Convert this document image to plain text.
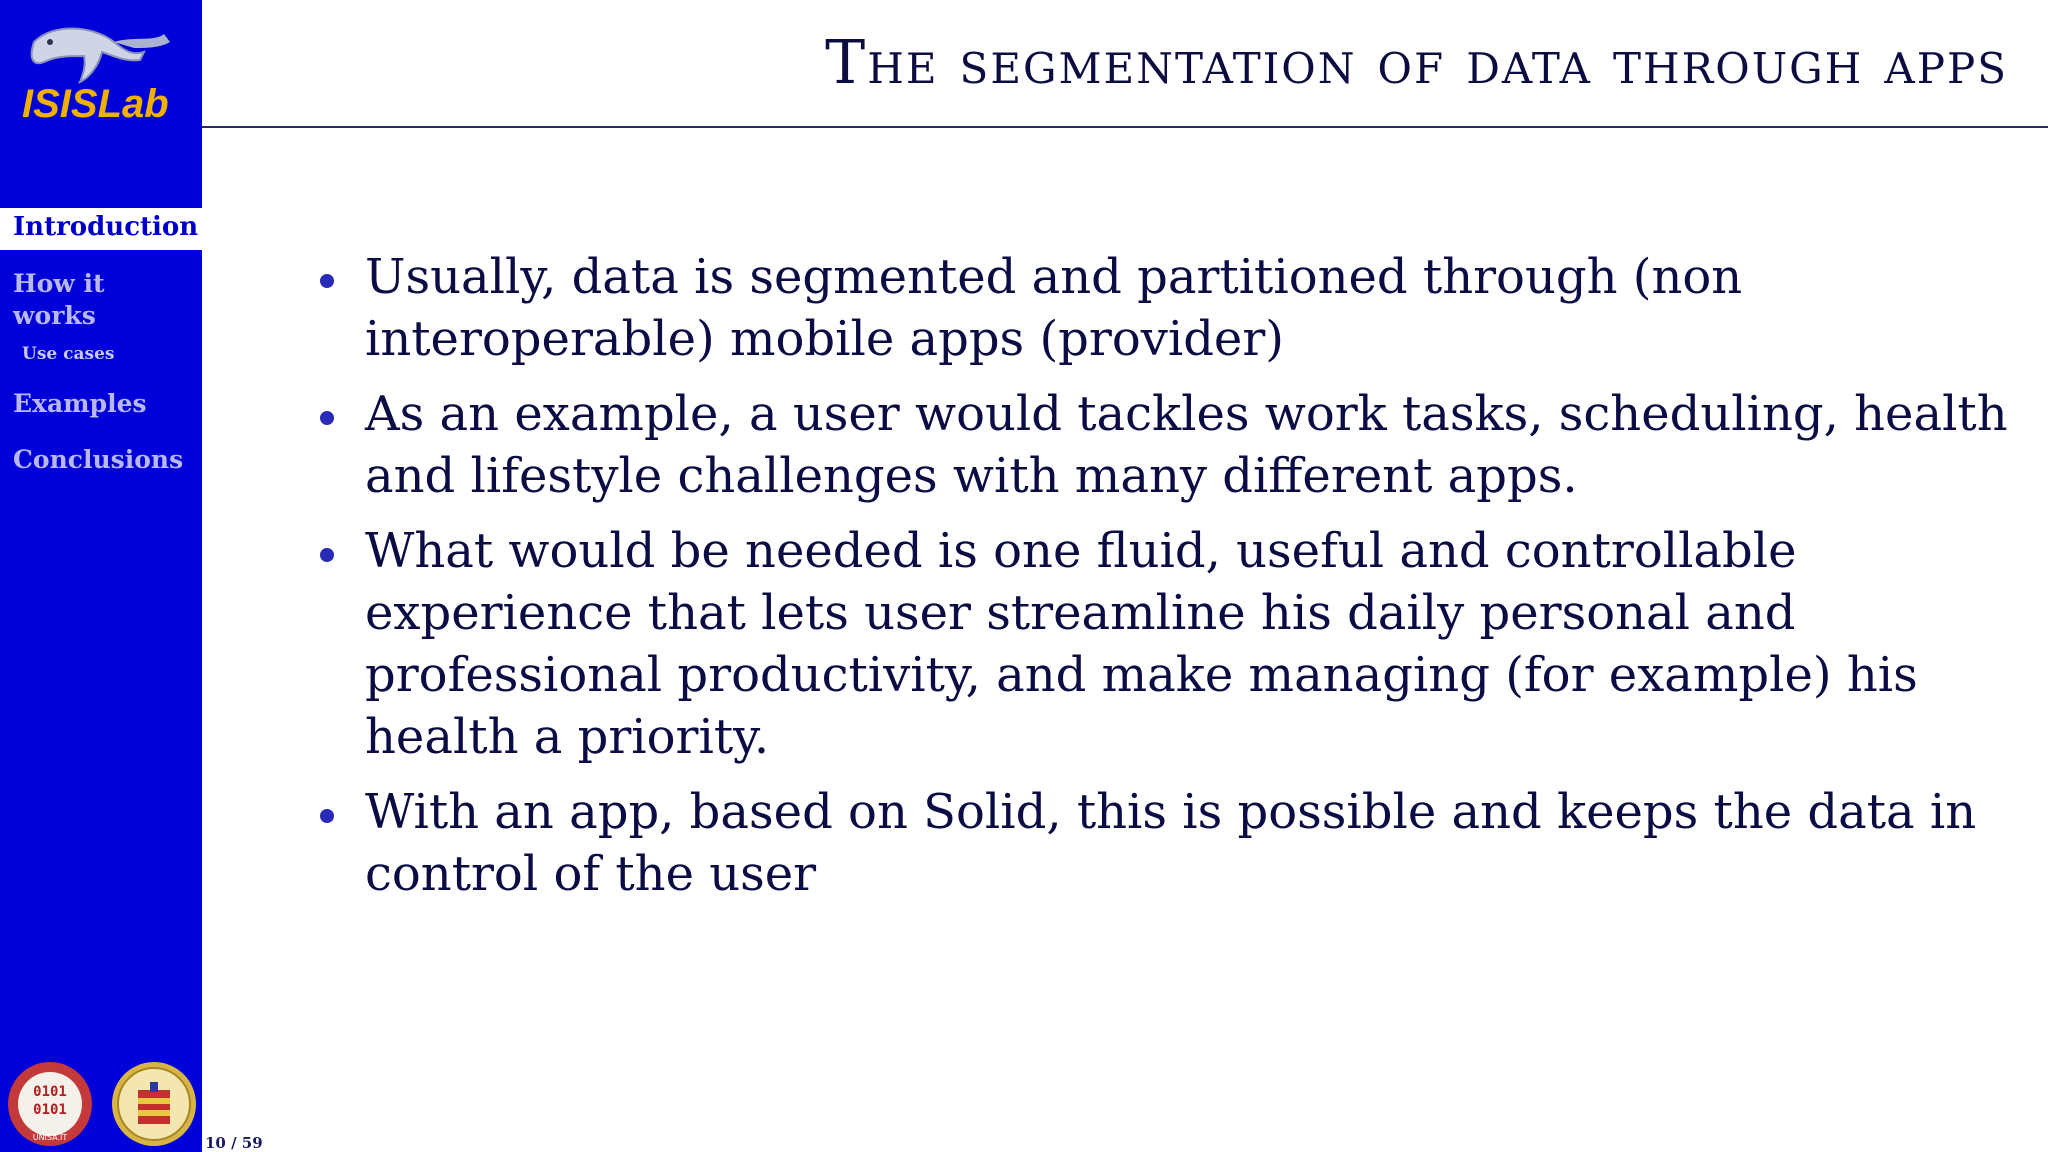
ISISLab
Introduction
How it
works
Use cases
Examples
Conclusions
0101
0101
UNISA.IT	10 / 59
The segmentation of data through apps
Usually, data is segmented and partitioned through (non interoperable) mobile apps (provider)
As an example, a user would tackles work tasks, scheduling, health and lifestyle challenges with many different apps.
What would be needed is one fluid, useful and controllable experience that lets user streamline his daily personal and professional productivity, and make managing (for example) his health a priority.
With an app, based on Solid, this is possible and keeps the data in control of the user
